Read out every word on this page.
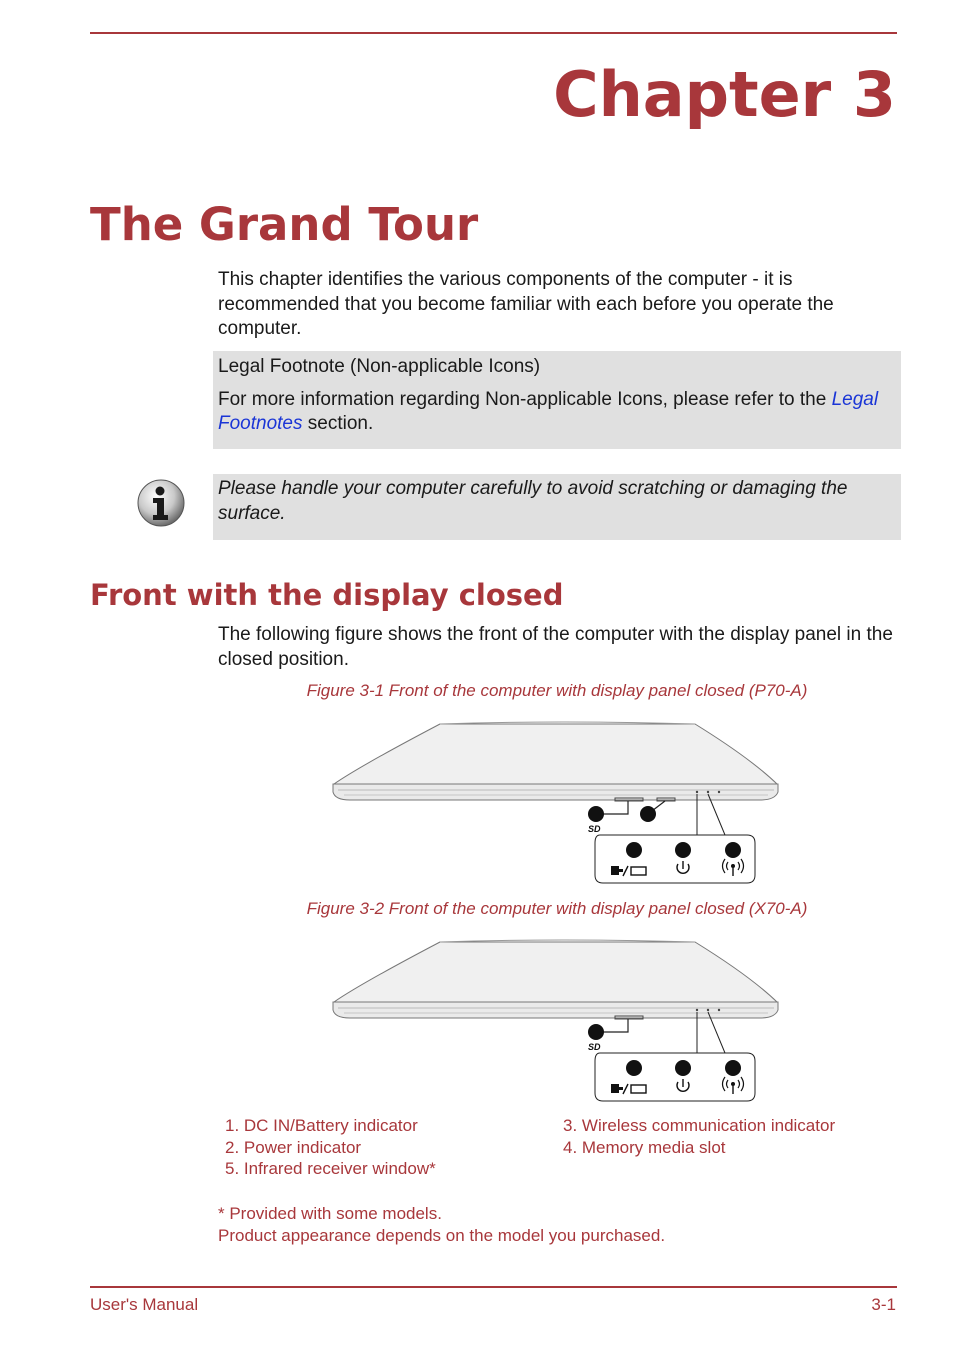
Chapter 3
The Grand Tour
This chapter identifies the various components of the computer - it is recommended that you become familiar with each before you operate the computer.

Legal Footnote (Non-applicable Icons)

For more information regarding Non-applicable Icons, please refer to the Legal Footnotes section.

Please handle your computer carefully to avoid scratching or damaging the surface.

Front with the display closed
The following figure shows the front of the computer with the display panel in the closed position.
Figure 3-1 Front of the computer with display panel closed (P70-A)
SD
Figure 3-2 Front of the computer with display panel closed (X70-A)
SD
1. DC IN/Battery indicator
2. Power indicator
5. Infrared receiver window*
3. Wireless communication indicator
4. Memory media slot
* Provided with some models.
Product appearance depends on the model you purchased.
User's Manual	3-1
